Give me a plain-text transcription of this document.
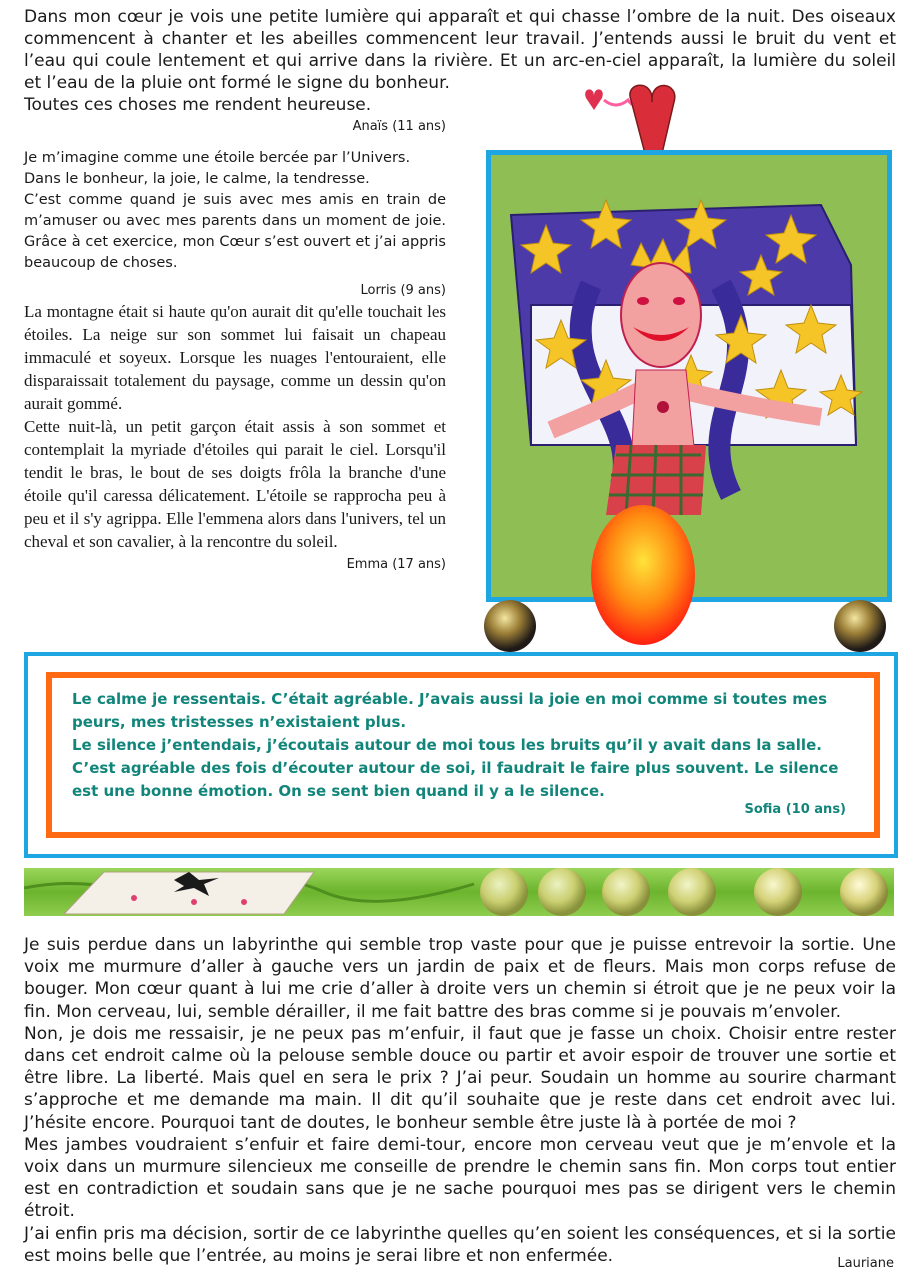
Dans mon cœur je vois une petite lumière qui apparaît et qui chasse l’ombre de la nuit. Des oiseaux commencent à chanter et les abeilles commencent leur travail. J’entends aussi le bruit du vent et l’eau qui coule lentement et qui arrive dans la rivière. Et un arc-en-ciel apparaît, la lumière du soleil et l’eau de la pluie ont formé le signe du bonheur.

Toutes ces choses me rendent heureuse.

Anaïs (11 ans)

Je m’imagine comme une étoile bercée par l’Univers.

Dans le bonheur, la joie, le calme, la tendresse.

C’est comme quand je suis avec mes amis en train de m’amuser ou avec mes parents dans un moment de joie. Grâce à cet exercice, mon Cœur s’est ouvert et j’ai appris beaucoup de choses.

Lorris (9 ans)

La montagne était si haute qu'on aurait dit qu'elle touchait les étoiles. La neige sur son sommet lui faisait un chapeau immaculé et soyeux. Lorsque les nuages l'entouraient, elle disparaissait totalement du paysage, comme un dessin qu'on aurait gommé.

Cette nuit-là, un petit garçon était assis à son sommet et contemplait la myriade d'étoiles qui parait le ciel. Lorsqu'il tendit le bras, le bout de ses doigts frôla la branche d'une étoile qu'il caressa délicatement. L'étoile se rapprocha peu à peu et il s'y agrippa. Elle l'emmena alors dans l'univers, tel un cheval et son cavalier, à la rencontre du soleil.

Emma (17 ans)

Le calme je ressentais. C’était agréable. J’avais aussi la joie en moi comme si toutes mes peurs, mes tristesses n’existaient plus.

Le silence j’entendais, j’écoutais autour de moi tous les bruits qu’il y avait dans la salle. C’est agréable des fois d’écouter autour de soi, il faudrait le faire plus souvent. Le silence est une bonne émotion. On se sent bien quand il y a le silence.

Sofia (10 ans)

Je suis perdue dans un labyrinthe qui semble trop vaste pour que je puisse entrevoir la sortie. Une voix me murmure d’aller à gauche vers un jardin de paix et de fleurs. Mais mon corps refuse de bouger. Mon cœur quant à lui me crie d’aller à droite vers un chemin si étroit que je ne peux voir la fin. Mon cerveau, lui, semble dérailler, il me fait battre des bras comme si je pouvais m’envoler.

Non, je dois me ressaisir, je ne peux pas m’enfuir, il faut que je fasse un choix. Choisir entre rester dans cet endroit calme où la pelouse semble douce ou partir et avoir espoir de trouver une sortie et être libre. La liberté. Mais quel en sera le prix ? J’ai peur. Soudain un homme au sourire charmant s’approche et me demande ma main. Il dit qu’il souhaite que je reste dans cet endroit avec lui. J’hésite encore. Pourquoi tant de doutes, le bonheur semble être juste là à portée de moi ?

Mes jambes voudraient s’enfuir et faire demi-tour, encore mon cerveau veut que je m’envole et la voix dans un murmure silencieux me conseille de prendre le chemin sans fin. Mon corps tout entier est en contradiction et soudain sans que je ne sache pourquoi mes pas se dirigent vers le chemin étroit.

J’ai enfin pris ma décision, sortir de ce labyrinthe quelles qu’en soient les conséquences, et si la sortie est moins belle que l’entrée, au moins je serai libre et non enfermée.	Lauriane
